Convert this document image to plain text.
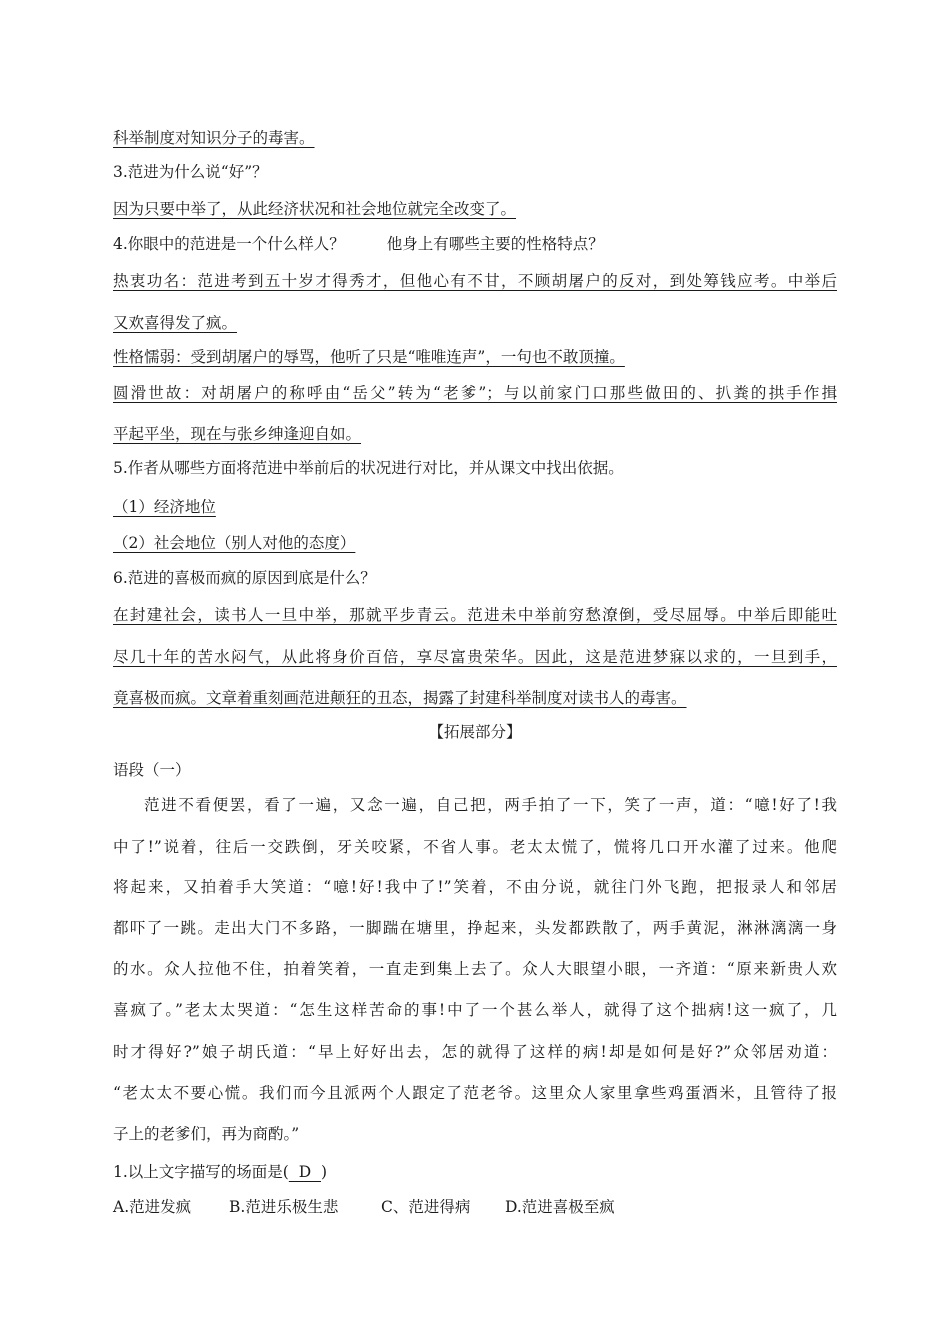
科举制度对知识分子的毒害。
3.范进为什么说“好”？
因为只要中举了，从此经济状况和社会地位就完全改变了。
4.你眼中的范进是一个什么样人？	他身上有哪些主要的性格特点？
热衷功名：范进考到五十岁才得秀才，但他心有不甘，不顾胡屠户的反对，到处筹钱应考。中举后
又欢喜得发了疯。
性格懦弱：受到胡屠户的辱骂，他听了只是“唯唯连声”，一句也不敢顶撞。
圆滑世故：对胡屠户的称呼由“岳父”转为“老爹”；与以前家门口那些做田的、扒粪的拱手作揖
平起平坐，现在与张乡绅逢迎自如。
5.作者从哪些方面将范进中举前后的状况进行对比，并从课文中找出依据。
（1）经济地位
（2）社会地位（别人对他的态度）
6.范进的喜极而疯的原因到底是什么？
在封建社会，读书人一旦中举，那就平步青云。范进未中举前穷愁潦倒，受尽屈辱。中举后即能吐
尽几十年的苦水闷气，从此将身价百倍，享尽富贵荣华。因此，这是范进梦寐以求的，一旦到手，
竟喜极而疯。文章着重刻画范进颠狂的丑态，揭露了封建科举制度对读书人的毒害。
【拓展部分】
语段（一）
范进不看便罢，看了一遍，又念一遍，自己把，两手拍了一下，笑了一声，道：“噫!好了!我
中了!”说着，往后一交跌倒，牙关咬紧，不省人事。老太太慌了，慌将几口开水灌了过来。他爬
将起来，又拍着手大笑道：“噫!好!我中了!”笑着，不由分说，就往门外飞跑，把报录人和邻居
都吓了一跳。走出大门不多路，一脚踹在塘里，挣起来，头发都跌散了，两手黄泥，淋淋漓漓一身
的水。众人拉他不住，拍着笑着，一直走到集上去了。众人大眼望小眼，一齐道：“原来新贵人欢
喜疯了。”老太太哭道：“怎生这样苦命的事!中了一个甚么举人，就得了这个拙病!这一疯了，几
时才得好?”娘子胡氏道：“早上好好出去，怎的就得了这样的病!却是如何是好?”众邻居劝道：
“老太太不要心慌。我们而今且派两个人跟定了范老爷。这里众人家里拿些鸡蛋酒米，且管待了报
子上的老爹们，再为商酌。”
1.以上文字描写的场面是(  D  )
A.范进发疯 B.范进乐极生悲	C、范进得病 D.范进喜极至疯
